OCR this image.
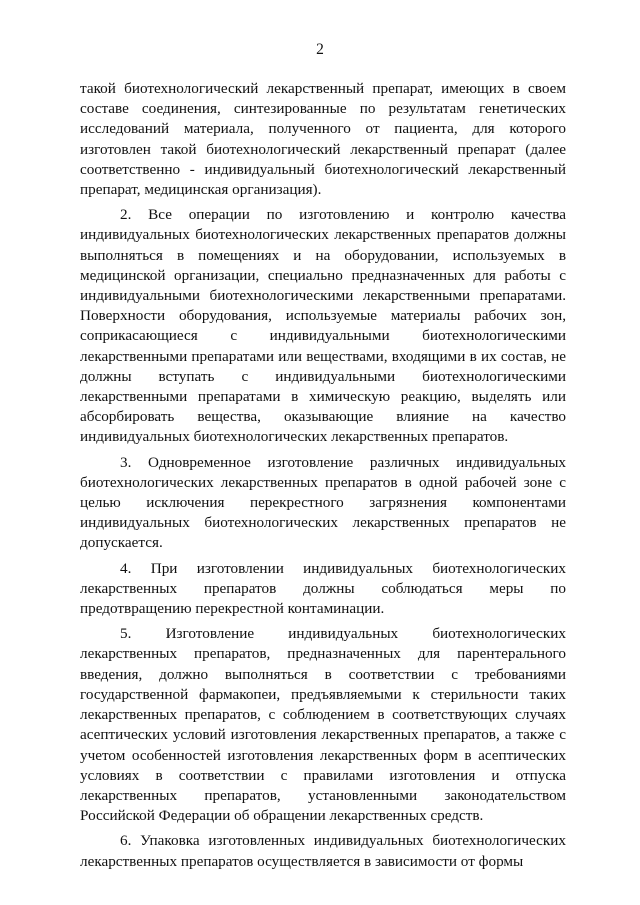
2

такой биотехнологический лекарственный препарат, имеющих в своем составе соединения, синтезированные по результатам генетических исследований материала, полученного от пациента, для которого изготовлен такой биотехнологический лекарственный препарат (далее соответственно - индивидуальный биотехнологический лекарственный препарат, медицинская организация).

2. Все операции по изготовлению и контролю качества индивидуальных биотехнологических лекарственных препаратов должны выполняться в помещениях и на оборудовании, используемых в медицинской организации, специально предназначенных для работы с индивидуальными биотехнологическими лекарственными препаратами. Поверхности оборудования, используемые материалы рабочих зон, соприкасающиеся с индивидуальными биотехнологическими лекарственными препаратами или веществами, входящими в их состав, не должны вступать с индивидуальными биотехнологическими лекарственными препаратами в химическую реакцию, выделять или абсорбировать вещества, оказывающие влияние на качество индивидуальных биотехнологических лекарственных препаратов.

3. Одновременное изготовление различных индивидуальных биотехнологических лекарственных препаратов в одной рабочей зоне с целью исключения перекрестного загрязнения компонентами индивидуальных биотехнологических лекарственных препаратов не допускается.

4. При изготовлении индивидуальных биотехнологических лекарственных препаратов должны соблюдаться меры по предотвращению перекрестной контаминации.

5. Изготовление индивидуальных биотехнологических лекарственных препаратов, предназначенных для парентерального введения, должно выполняться в соответствии с требованиями государственной фармакопеи, предъявляемыми к стерильности таких лекарственных препаратов, с соблюдением в соответствующих случаях асептических условий изготовления лекарственных препаратов, а также с учетом особенностей изготовления лекарственных форм в асептических условиях в соответствии с правилами изготовления и отпуска лекарственных препаратов, установленными законодательством Российской Федерации об обращении лекарственных средств.

6. Упаковка изготовленных индивидуальных биотехнологических лекарственных препаратов осуществляется в зависимости от формы
